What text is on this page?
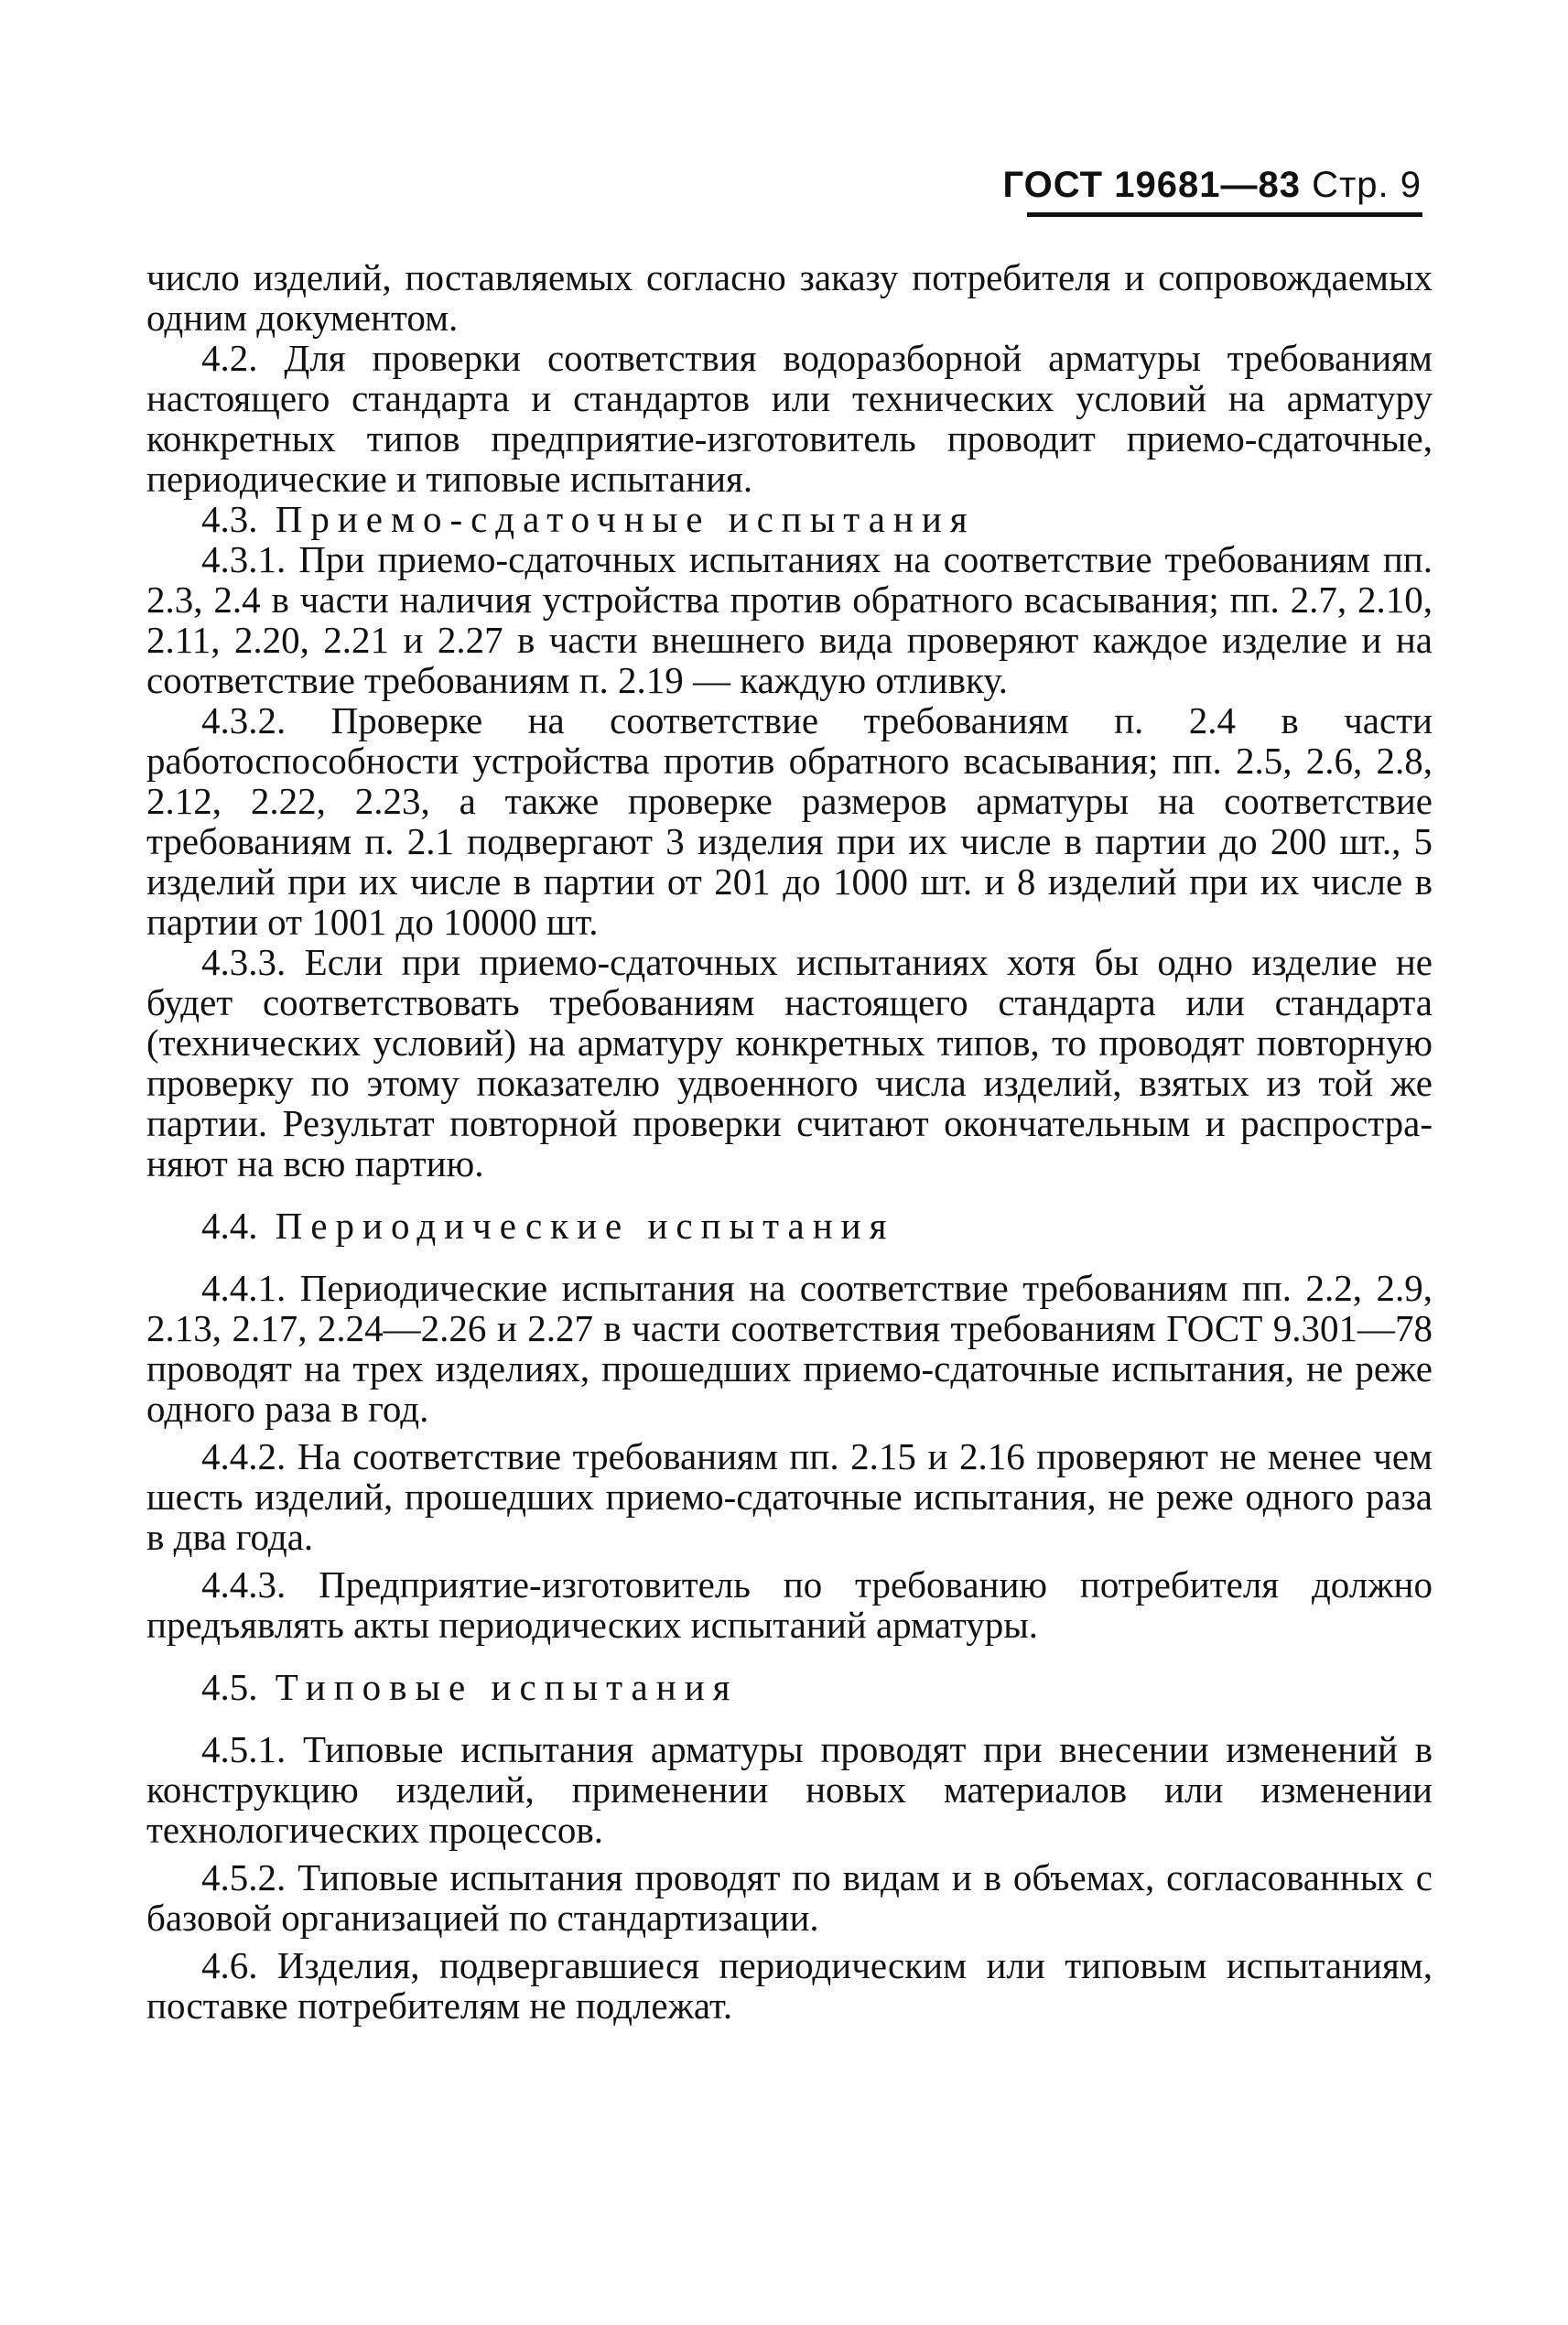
ГОСТ 19681—83 Стр. 9

число изделий, поставляемых согласно заказу потребителя и сопровождаемых одним документом.

4.2. Для проверки соответствия водоразборной арматуры требованиям настоящего стандарта и стандартов или технических условий на арматуру конкретных типов предприятие-изготовитель проводит приемо-сдаточные, периодические и типовые испытания.

4.3. Приемо-сдаточные испытания

4.3.1. При приемо-сдаточных испытаниях на соответствие требованиям пп. 2.3, 2.4 в части наличия устройства против обратного всасывания; пп. 2.7, 2.10, 2.11, 2.20, 2.21 и 2.27 в части внешнего вида проверяют каждое изделие и на соответствие требованиям п. 2.19 — каждую отливку.

4.3.2. Проверке на соответствие требованиям п. 2.4 в части работоспособности устройства против обратного всасывания; пп. 2.5, 2.6, 2.8, 2.12, 2.22, 2.23, а также проверке размеров арматуры на соответствие требованиям п. 2.1 подвергают 3 изделия при их числе в партии до 200 шт., 5 изделий при их числе в партии от 201 до 1000 шт. и 8 изделий при их числе в партии от 1001 до 10000 шт.

4.3.3. Если при приемо-сдаточных испытаниях хотя бы одно изделие не будет соответствовать требованиям настоящего стандарта или стандарта (технических условий) на арматуру конкретных типов, то проводят повторную проверку по этому показателю удвоенного числа изделий, взятых из той же партии. Результат повторной проверки считают окончательным и распространяют на всю партию.

4.4. Периодические испытания

4.4.1. Периодические испытания на соответствие требованиям пп. 2.2, 2.9, 2.13, 2.17, 2.24—2.26 и 2.27 в части соответствия требованиям ГОСТ 9.301—78 проводят на трех изделиях, прошедших приемо-сдаточные испытания, не реже одного раза в год.

4.4.2. На соответствие требованиям пп. 2.15 и 2.16 проверяют не менее чем шесть изделий, прошедших приемо-сдаточные испытания, не реже одного раза в два года.

4.4.3. Предприятие-изготовитель по требованию потребителя должно предъявлять акты периодических испытаний арматуры.

4.5. Типовые испытания

4.5.1. Типовые испытания арматуры проводят при внесении изменений в конструкцию изделий, применении новых материалов или изменении технологических процессов.

4.5.2. Типовые испытания проводят по видам и в объемах, согласованных с базовой организацией по стандартизации.

4.6. Изделия, подвергавшиеся периодическим или типовым испытаниям, поставке потребителям не подлежат.
